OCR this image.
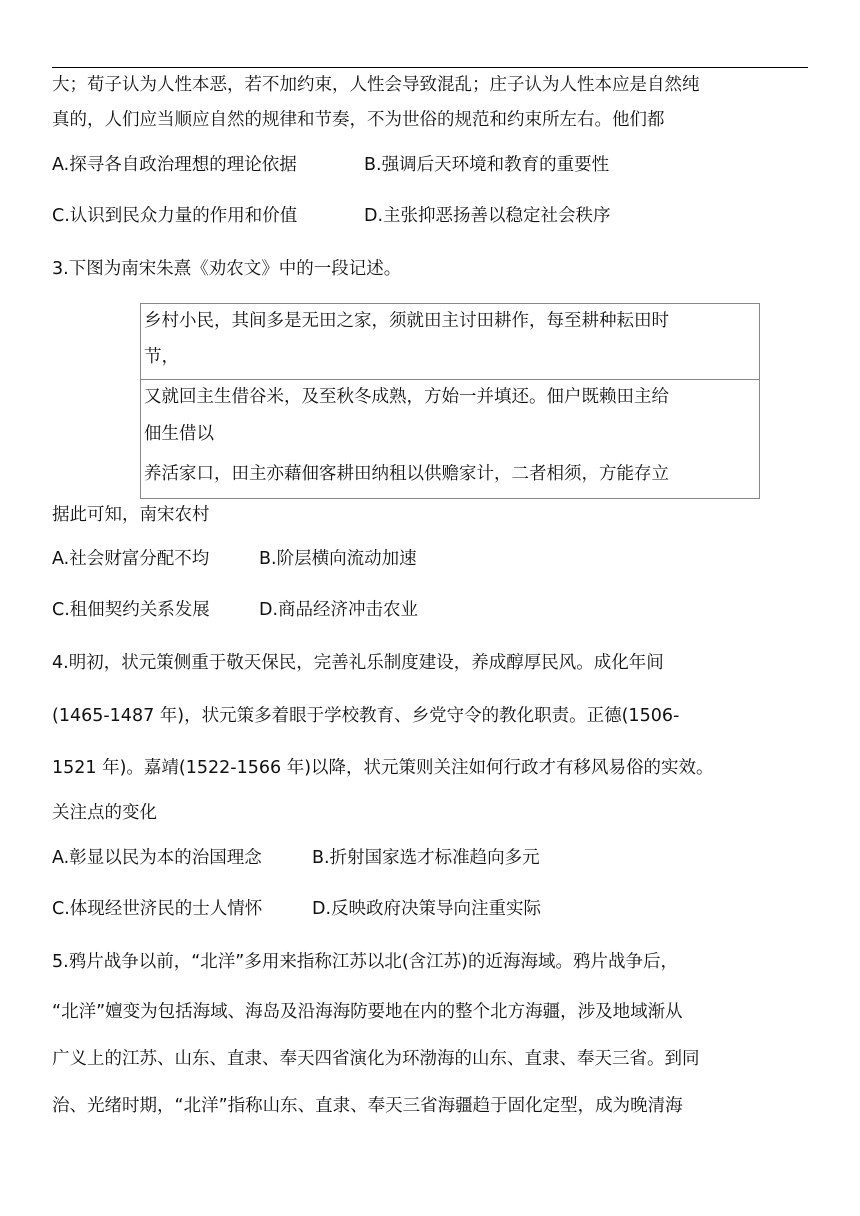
大；荀子认为人性本恶，若不加约束，人性会导致混乱；庄子认为人性本应是自然纯
真的，人们应当顺应自然的规律和节奏，不为世俗的规范和约束所左右。他们都
A.探寻各自政治理想的理论依据	B.强调后天环境和教育的重要性
C.认识到民众力量的作用和价值	D.主张抑恶扬善以稳定社会秩序
3.下图为南宋朱熹《劝农文》中的一段记述。
乡村小民，其间多是无田之家，须就田主讨田耕作，每至耕种耘田时
节，
又就回主生借谷米，及至秋冬成熟，方始一并填还。佃户既赖田主给
佃生借以
养活家口，田主亦藉佃客耕田纳租以供赡家计，二者相须，方能存立
据此可知，南宋农村
A.社会财富分配不均	B.阶层横向流动加速
C.租佃契约关系发展	D.商品经济冲击农业
4.明初，状元策侧重于敬天保民，完善礼乐制度建设，养成醇厚民风。成化年间
(1465-1487 年)，状元策多着眼于学校教育、乡党守令的教化职责。正德(1506-
1521 年)。嘉靖(1522-1566 年)以降，状元策则关注如何行政才有移风易俗的实效。
关注点的变化
A.彰显以民为本的治国理念	B.折射国家选才标准趋向多元
C.体现经世济民的士人情怀	D.反映政府决策导向注重实际
5.鸦片战争以前，“北洋”多用来指称江苏以北(含江苏)的近海海域。鸦片战争后，
“北洋”嬗变为包括海域、海岛及沿海海防要地在内的整个北方海疆，涉及地域渐从
广义上的江苏、山东、直隶、奉天四省演化为环渤海的山东、直隶、奉天三省。到同
治、光绪时期，“北洋”指称山东、直隶、奉天三省海疆趋于固化定型，成为晚清海
